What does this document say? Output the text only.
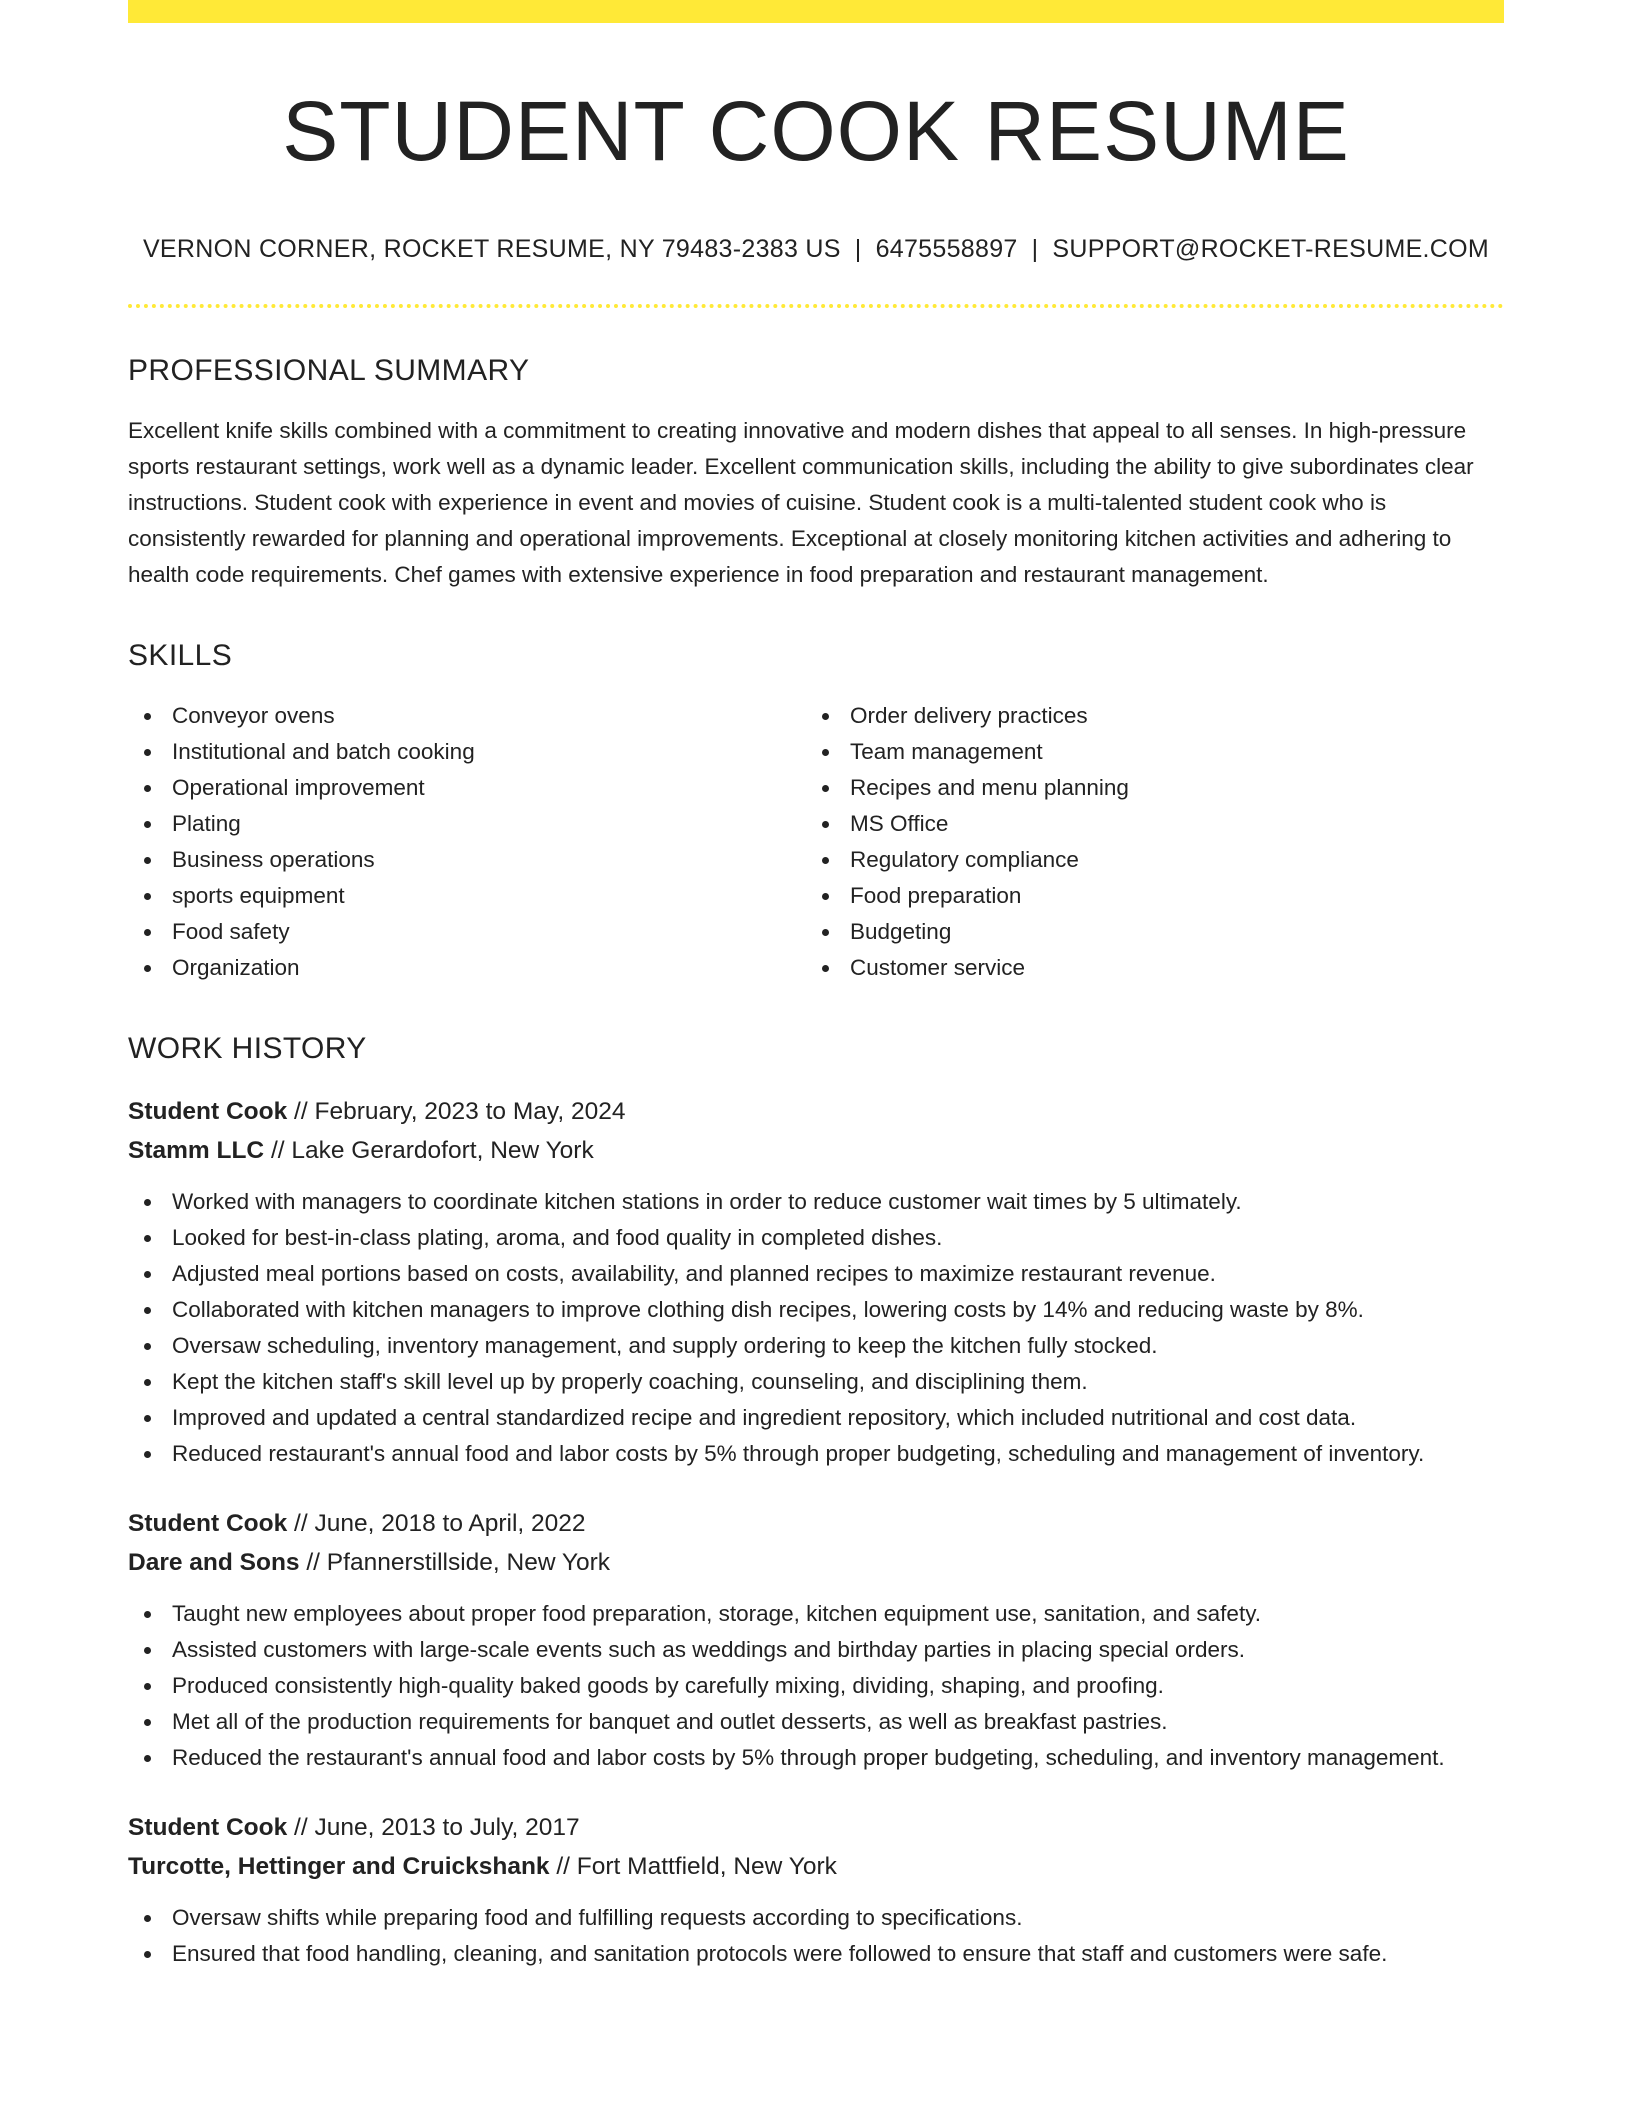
STUDENT COOK RESUME
VERNON CORNER, ROCKET RESUME, NY 79483-2383 US | 6475558897 | SUPPORT@ROCKET-RESUME.COM
PROFESSIONAL SUMMARY

Excellent knife skills combined with a commitment to creating innovative and modern dishes that appeal to all senses. In high-pressure sports restaurant settings, work well as a dynamic leader. Excellent communication skills, including the ability to give subordinates clear instructions. Student cook with experience in event and movies of cuisine. Student cook is a multi-talented student cook who is consistently rewarded for planning and operational improvements. Exceptional at closely monitoring kitchen activities and adhering to health code requirements. Chef games with extensive experience in food preparation and restaurant management.

SKILLS
Conveyor ovens
Institutional and batch cooking
Operational improvement
Plating
Business operations
sports equipment
Food safety
Organization
Order delivery practices
Team management
Recipes and menu planning
MS Office
Regulatory compliance
Food preparation
Budgeting
Customer service
WORK HISTORY
Student Cook // February, 2023 to May, 2024
Stamm LLC // Lake Gerardofort, New York
Worked with managers to coordinate kitchen stations in order to reduce customer wait times by 5 ultimately.
Looked for best-in-class plating, aroma, and food quality in completed dishes.
Adjusted meal portions based on costs, availability, and planned recipes to maximize restaurant revenue.
Collaborated with kitchen managers to improve clothing dish recipes, lowering costs by 14% and reducing waste by 8%.
Oversaw scheduling, inventory management, and supply ordering to keep the kitchen fully stocked.
Kept the kitchen staff's skill level up by properly coaching, counseling, and disciplining them.
Improved and updated a central standardized recipe and ingredient repository, which included nutritional and cost data.
Reduced restaurant's annual food and labor costs by 5% through proper budgeting, scheduling and management of inventory.
Student Cook // June, 2018 to April, 2022
Dare and Sons // Pfannerstillside, New York
Taught new employees about proper food preparation, storage, kitchen equipment use, sanitation, and safety.
Assisted customers with large-scale events such as weddings and birthday parties in placing special orders.
Produced consistently high-quality baked goods by carefully mixing, dividing, shaping, and proofing.
Met all of the production requirements for banquet and outlet desserts, as well as breakfast pastries.
Reduced the restaurant's annual food and labor costs by 5% through proper budgeting, scheduling, and inventory management.
Student Cook // June, 2013 to July, 2017
Turcotte, Hettinger and Cruickshank // Fort Mattfield, New York
Oversaw shifts while preparing food and fulfilling requests according to specifications.
Ensured that food handling, cleaning, and sanitation protocols were followed to ensure that staff and customers were safe.
